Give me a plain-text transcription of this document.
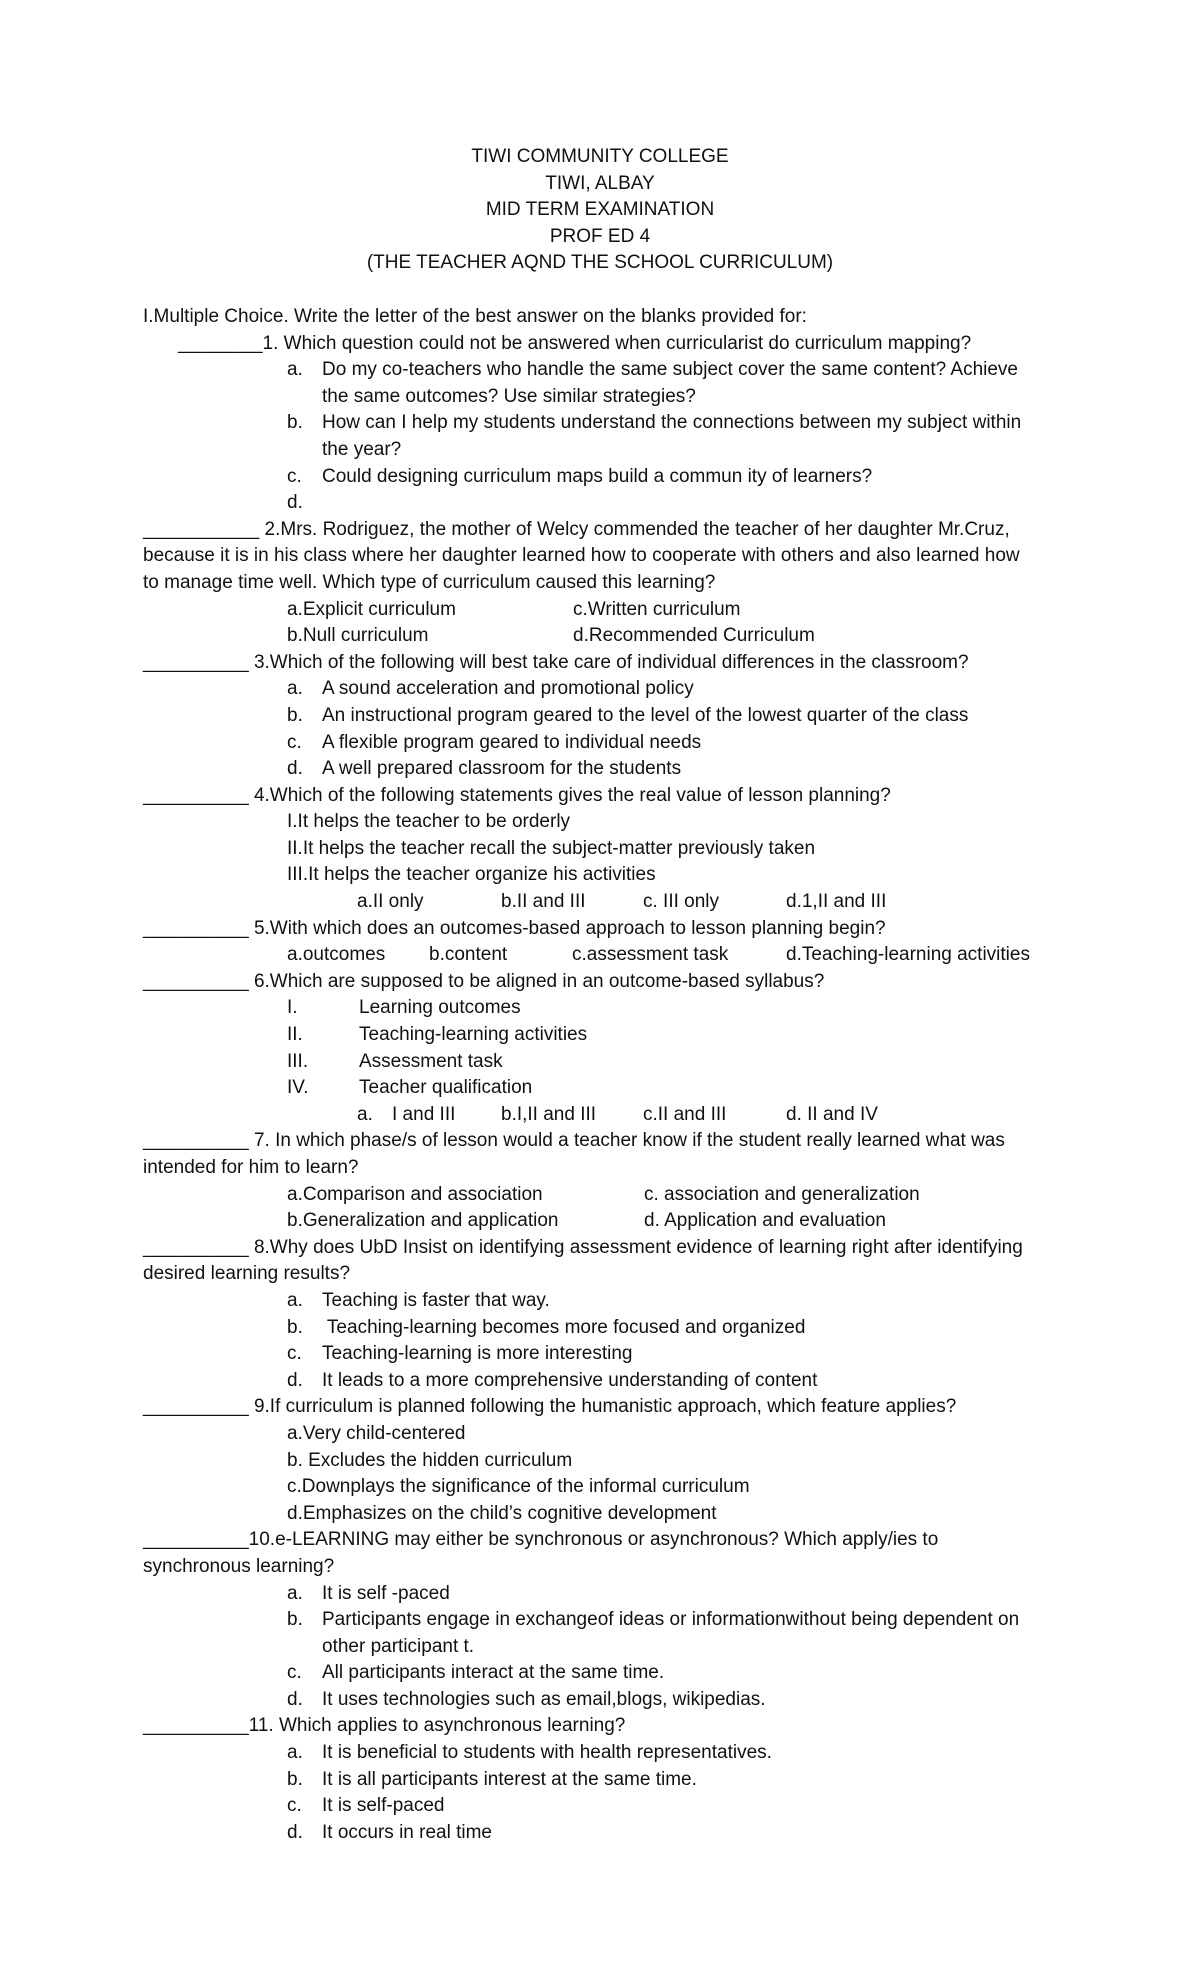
TIWI COMMUNITY COLLEGE
TIWI, ALBAY
MID TERM EXAMINATION
PROF ED 4
(THE TEACHER AQND THE SCHOOL CURRICULUM)
I.Multiple Choice. Write the letter of the best answer on the blanks provided for:
________1. Which question could not be answered when curricularist do curriculum mapping?
a. Do my co-teachers who handle the same subject cover the same content? Achieve
the same outcomes? Use similar strategies?
b. How can I help my students understand the connections between my subject within
the year?
c. Could designing curriculum maps build a commun ity of learners?
d.
___________ 2.Mrs. Rodriguez, the mother of Welcy commended the teacher of her daughter Mr.Cruz,
because it is in his class where her daughter learned how to cooperate with others and also learned how
to manage time well. Which type of curriculum caused this learning?
a.Explicit curriculum	c.Written curriculum
b.Null curriculum	d.Recommended Curriculum
__________ 3.Which of the following will best take care of individual differences in the classroom?
a. A sound acceleration and promotional policy
b. An instructional program geared to the level of the lowest quarter of the class
c. A flexible program geared to individual needs
d. A well prepared classroom for the students
__________ 4.Which of the following statements gives the real value of lesson planning?
I.It helps the teacher to be orderly
II.It helps the teacher recall the subject-matter previously taken
III.It helps the teacher organize his activities
a.II only	b.II and III	c. III only	d.1,II and III
__________ 5.With which does an outcomes-based approach to lesson planning begin?
a.outcomes b.content	c.assessment task	d.Teaching-learning activities
__________ 6.Which are supposed to be aligned in an outcome-based syllabus?
I.	Learning outcomes
II.	Teaching-learning activities
III.	Assessment task
IV.	Teacher qualification
a. I and III b.I,II and III c.II and III	d. II and IV
__________ 7. In which phase/s of lesson would a teacher know if the student really learned what was
intended for him to learn?
a.Comparison and association	c. association and generalization
b.Generalization and application	d. Application and evaluation
__________ 8.Why does UbD Insist on identifying assessment evidence of learning right after identifying
desired learning results?
a. Teaching is faster that way.
b. Teaching-learning becomes more focused and organized
c. Teaching-learning is more interesting
d. It leads to a more comprehensive understanding of content
__________ 9.If curriculum is planned following the humanistic approach, which feature applies?
a.Very child-centered
b. Excludes the hidden curriculum
c.Downplays the significance of the informal curriculum
d.Emphasizes on the child’s cognitive development
__________10.e-LEARNING may either be synchronous or asynchronous? Which apply/ies to
synchronous learning?
a. It is self -paced
b. Participants engage in exchangeof ideas or informationwithout being dependent on
other participant t.
c. All participants interact at the same time.
d. It uses technologies such as email,blogs, wikipedias.
__________11. Which applies to asynchronous learning?
a. It is beneficial to students with health representatives.
b. It is all participants interest at the same time.
c. It is self-paced
d. It occurs in real time
